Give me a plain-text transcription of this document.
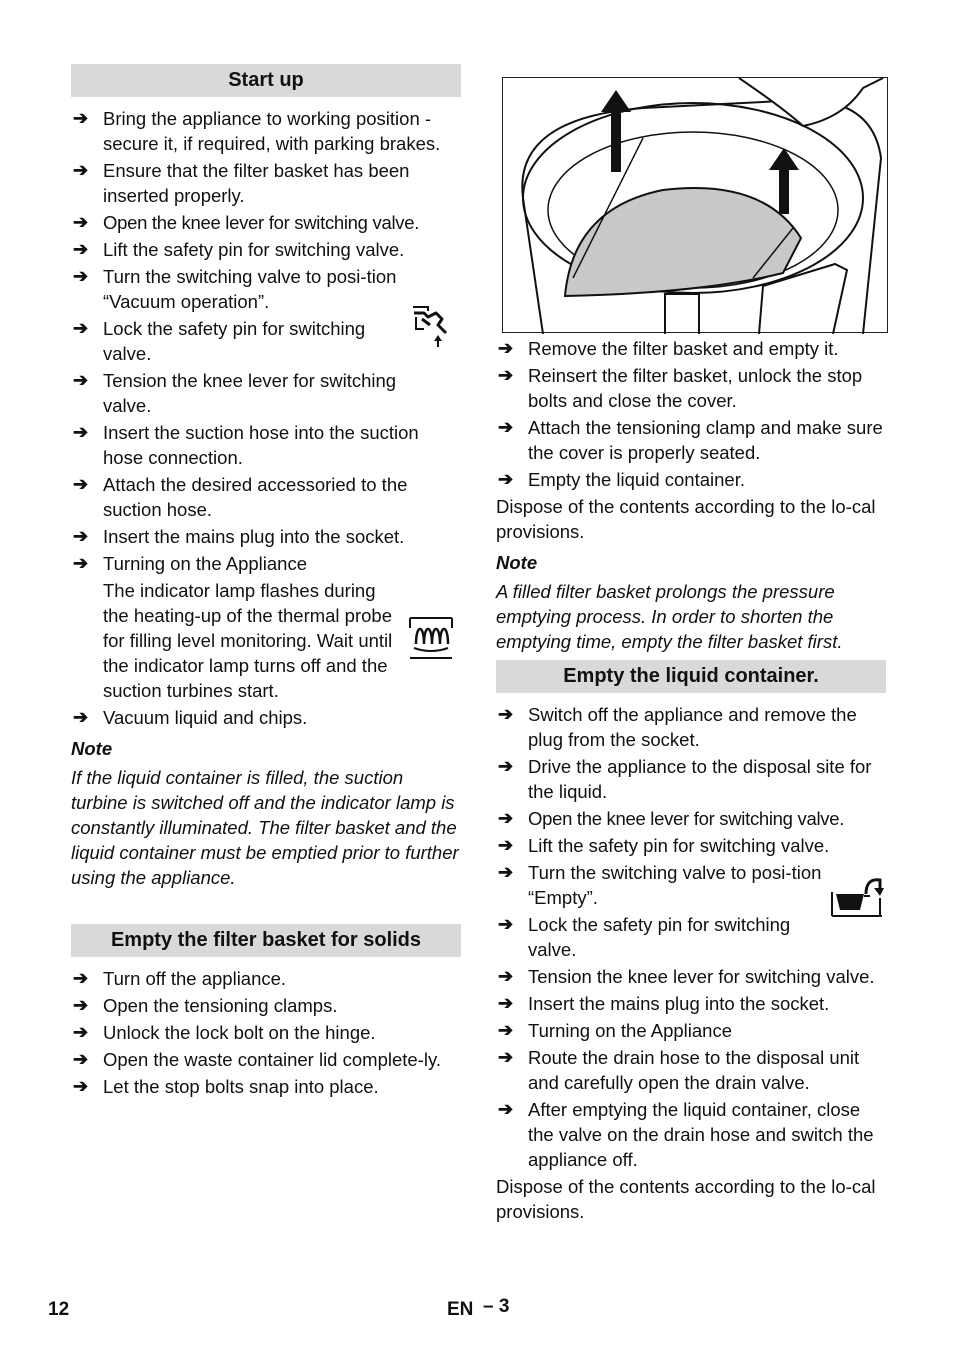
Start up
➔ Bring the appliance to working position - secure it, if required, with parking brakes.
➔ Ensure that the filter basket has been inserted properly.
➔ Open the knee lever for switching valve.
➔ Lift the safety pin for switching valve.
➔ Turn the switching valve to posi-tion “Vacuum operation”.
➔ Lock the safety pin for switching valve.
➔ Tension the knee lever for switching valve.
➔ Insert the suction hose into the suction hose connection.
➔ Attach the desired accessoried to the suction hose.
➔ Insert the mains plug into the socket.
➔ Turning on the Appliance
The indicator lamp flashes during the heating-up of the thermal probe for filling level monitoring. Wait until the indicator lamp turns off and the suction turbines start.
➔ Vacuum liquid and chips.
Note
If the liquid container is filled, the suction turbine is switched off and the indicator lamp is constantly illuminated. The filter basket and the liquid container must be emptied prior to further using the appliance.
Empty the filter basket for solids
➔ Turn off the appliance.
➔ Open the tensioning clamps.
➔ Unlock the lock bolt on the hinge.
➔ Open the waste container lid complete-ly.
➔ Let the stop bolts snap into place.
➔ Remove the filter basket and empty it.
➔ Reinsert the filter basket, unlock the stop bolts and close the cover.
➔ Attach the tensioning clamp and make sure the cover is properly seated.
➔ Empty the liquid container.
Dispose of the contents according to the lo-cal provisions.
Note
A filled filter basket prolongs the pressure emptying process. In order to shorten the emptying time, empty the filter basket first.
Empty the liquid container.
➔ Switch off the appliance and remove the plug from the socket.
➔ Drive the appliance to the disposal site for the liquid.
➔ Open the knee lever for switching valve.
➔ Lift the safety pin for switching valve.
➔ Turn the switching valve to posi-tion “Empty”.
➔ Lock the safety pin for switching valve.
➔ Tension the knee lever for switching valve.
➔ Insert the mains plug into the socket.
➔ Turning on the Appliance
➔ Route the drain hose to the disposal unit and carefully open the drain valve.
➔ After emptying the liquid container, close the valve on the drain hose and switch the appliance off.
Dispose of the contents according to the lo-cal provisions.
12	EN – 3
